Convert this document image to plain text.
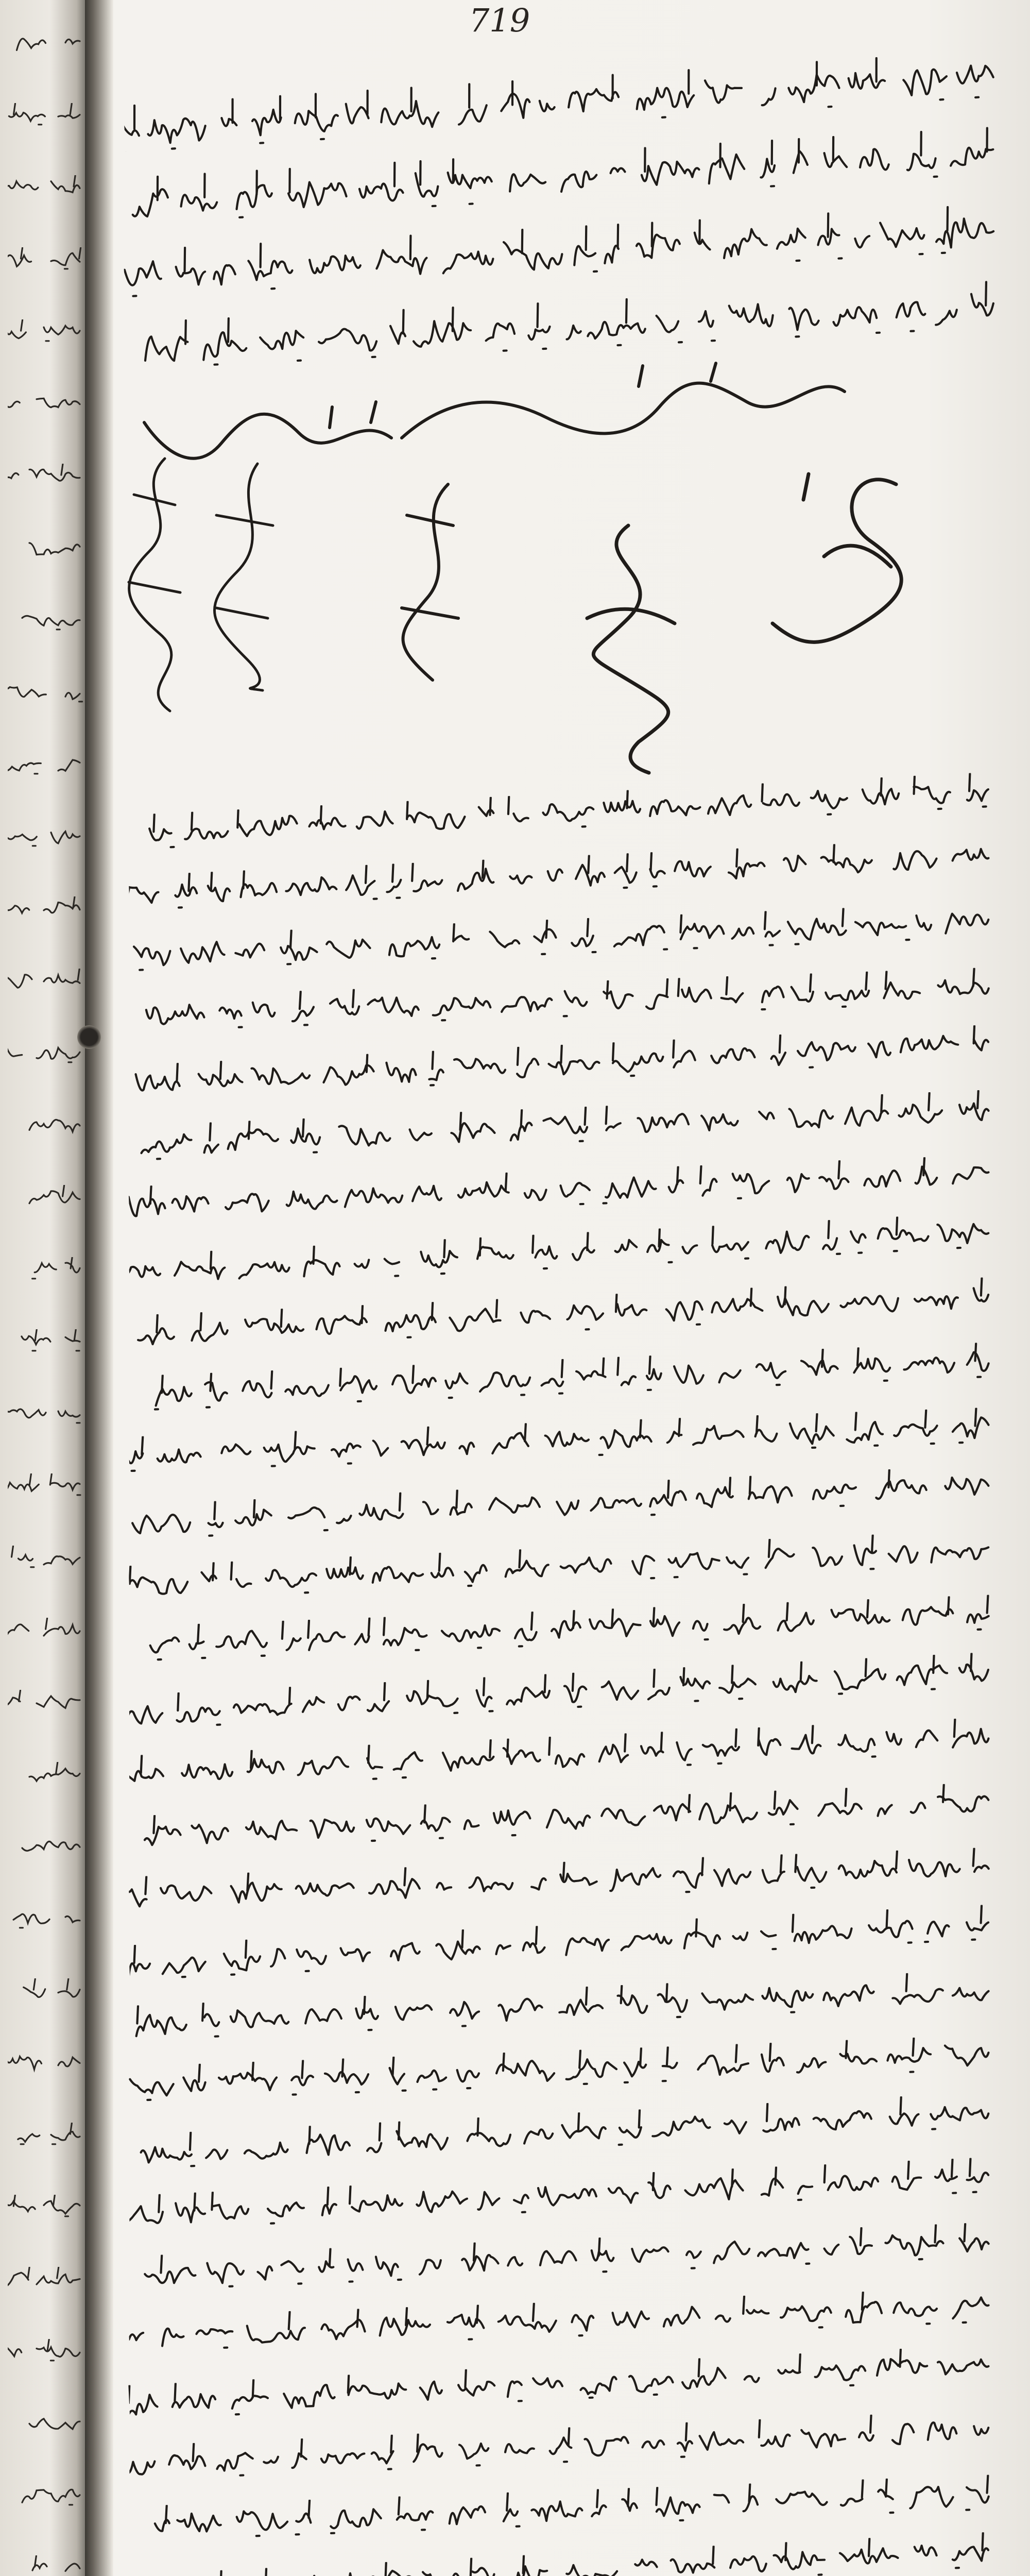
719
